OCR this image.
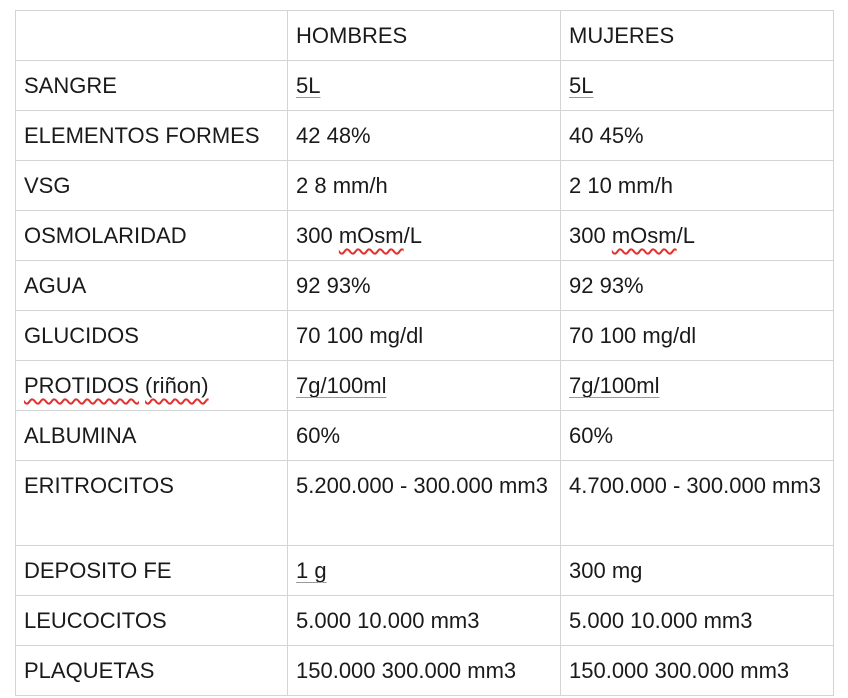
	HOMBRES	MUJERES
SANGRE	5L	5L
ELEMENTOS FORMES	42 48%	40 45%
VSG	2 8 mm/h	2 10 mm/h
OSMOLARIDAD	300 mOsm/L	300 mOsm/L
AGUA	92 93%	92 93%
GLUCIDOS	70 100 mg/dl	70 100 mg/dl
PROTIDOS (riñon)	7g/100ml	7g/100ml
ALBUMINA	60%	60%
ERITROCITOS	5.200.000 - 300.000 mm3	4.700.000 - 300.000 mm3
DEPOSITO FE	1 g	300 mg
LEUCOCITOS	5.000 10.000 mm3	5.000 10.000 mm3
PLAQUETAS	150.000 300.000 mm3	150.000 300.000 mm3
